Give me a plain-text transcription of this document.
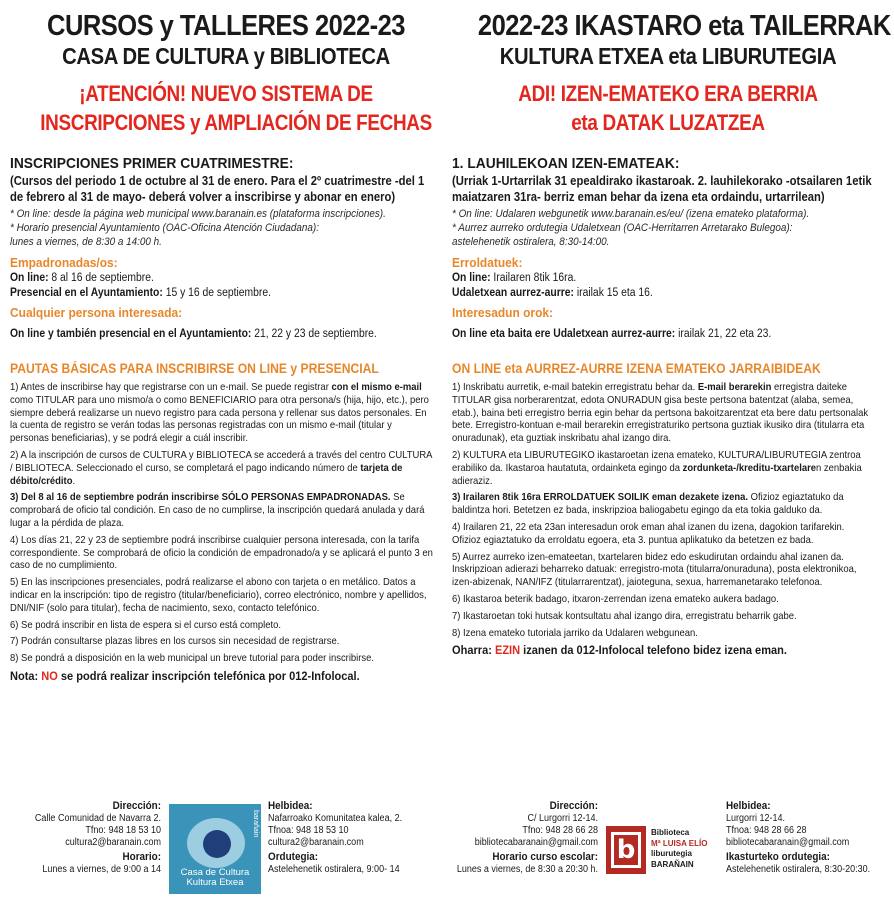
CURSOS y TALLERES 2022-23
CASA DE CULTURA y BIBLIOTECA
¡ATENCIÓN! NUEVO SISTEMA DE
INSCRIPCIONES y AMPLIACIÓN DE FECHAS
INSCRIPCIONES PRIMER CUATRIMESTRE:
(Cursos del periodo 1 de octubre al 31 de enero. Para el 2º cuatrimestre -del 1 de febrero al 31 de mayo- deberá volver a inscribirse y abonar en enero)
* On line: desde la página web municipal www.baranain.es (plataforma inscripciones).
* Horario presencial Ayuntamiento (OAC-Oficina Atención Ciudadana):
lunes a viernes, de 8:30 a 14:00 h.
Empadronadas/os:
On line: 8 al 16 de septiembre.
Presencial en el Ayuntamiento: 15 y 16 de septiembre.
Cualquier persona interesada:
On line y también presencial en el Ayuntamiento: 21, 22 y 23 de septiembre.
PAUTAS BÁSICAS PARA INSCRIBIRSE ON LINE y PRESENCIAL
1) Antes de inscribirse hay que registrarse con un e-mail. Se puede registrar con el mismo e-mail como TITULAR para uno mismo/a o como BENEFICIARIO para otra persona/s (hija, hijo, etc.), pero siempre deberá realizarse un nuevo registro para cada persona y rellenar sus datos personales. En la cuenta de registro se verán todas las personas registradas con un mismo e-mail (titular y personas beneficiarias), y se podrá elegir a cuál inscribir.
2) A la inscripción de cursos de CULTURA y BIBLIOTECA se accederá a través del centro CULTURA / BIBLIOTECA. Seleccionado el curso, se completará el pago indicando número de tarjeta de débito/crédito.
3) Del 8 al 16 de septiembre podrán inscribirse SÓLO PERSONAS EMPADRONADAS. Se comprobará de oficio tal condición. En caso de no cumplirse, la inscripción quedará anulada y dará lugar a la pérdida de plaza.
4) Los días 21, 22 y 23 de septiembre podrá inscribirse cualquier persona interesada, con la tarifa correspondiente. Se comprobará de oficio la condición de empadronado/a y se aplicará el punto 3 en caso de no cumplimiento.
5) En las inscripciones presenciales, podrá realizarse el abono con tarjeta o en metálico. Datos a indicar en la inscripción: tipo de registro (titular/beneficiario), correo electrónico, nombre y apellidos, DNI/NIF (solo para titular), fecha de nacimiento, sexo, contacto telefónico.
6) Se podrá inscribir en lista de espera si el curso está completo.
7) Podrán consultarse plazas libres en los cursos sin necesidad de registrarse.
8) Se pondrá a disposición en la web municipal un breve tutorial para poder inscribirse.
Nota: NO se podrá realizar inscripción telefónica por 012-Infolocal.
2022-23 IKASTARO eta TAILERRAK
KULTURA ETXEA eta LIBURUTEGIA
ADI! IZEN-EMATEKO ERA BERRIA
eta DATAK LUZATZEA
1. LAUHILEKOAN IZEN-EMATEAK:
(Urriak 1-Urtarrilak 31 epealdirako ikastaroak. 2. lauhilekorako -otsailaren 1etik maiatzaren 31ra- berriz eman behar da izena eta ordaindu, urtarrilean)
* On line: Udalaren webgunetik www.baranain.es/eu/ (izena emateko plataforma).
* Aurrez aurreko ordutegia Udaletxean (OAC-Herritarren Arretarako Bulegoa):
astelehenetik ostiralera, 8:30-14:00.
Erroldatuek:
On line: Irailaren 8tik 16ra.
Udaletxean aurrez-aurre: irailak 15 eta 16.
Interesadun orok:
On line eta baita ere Udaletxean aurrez-aurre: irailak 21, 22 eta 23.
ON LINE eta AURREZ-AURRE IZENA EMATEKO JARRAIBIDEAK
1) Inskribatu aurretik, e-mail batekin erregistratu behar da. E-mail berarekin erregistra daiteke TITULAR gisa norberarentzat, edota ONURADUN gisa beste pertsona batentzat (alaba, semea, etab.), baina beti erregistro berria egin behar da pertsona bakoitzarentzat eta bere datu pertsonalak bete. Erregistro-kontuan e-mail berarekin erregistraturiko pertsona guztiak ikusiko dira (titularra eta onuradunak), eta guztiak inskribatu ahal izango dira.
2) KULTURA eta LIBURUTEGIKO ikastaroetan izena emateko, KULTURA/LIBURUTEGIA zentroa erabiliko da. Ikastaroa hautatuta, ordainketa egingo da zordunketa-/kreditu-txartelaren zenbakia adieraziz.
3) Irailaren 8tik 16ra ERROLDATUEK SOILIK eman dezakete izena. Ofizioz egiaztatuko da baldintza hori. Betetzen ez bada, inskripzioa baliogabetu egingo da eta tokia galduko da.
4) Irailaren 21, 22 eta 23an interesadun orok eman ahal izanen du izena, dagokion tarifarekin. Ofizioz egiaztatuko da erroldatu egoera, eta 3. puntua aplikatuko da betetzen ez bada.
5) Aurrez aurreko izen-emateetan, txartelaren bidez edo eskudirutan ordaindu ahal izanen da. Inskripzioan adierazi beharreko datuak: erregistro-mota (titularra/onuraduna), posta elektronikoa, izen-abizenak, NAN/IFZ (titularrarentzat), jaiotegunа, sexua, harremanetarako telefonoa.
6) Ikastaroa beterik badago, itxaron-zerrendan izena emateko aukera badago.
7) Ikastaroetan toki hutsak kontsultatu ahal izango dira, erregistratu beharrik gabe.
8) Izena emateko tutoriala jarriko da Udalaren webgunean.
Oharra: EZIN izanen da 012-Infolocal telefono bidez izena eman.
Dirección:
Calle Comunidad de Navarra 2.
Tfno: 948 18 53 10
cultura2@baranain.com
Horario:
Lunes a viernes, de 9:00 a 14
barañain
Casa de Cultura
Kultura Etxea
Helbidea:
Nafarroako Komunitatea kalea, 2.
Tfnoa: 948 18 53 10
cultura2@baranain.com
Ordutegia:
Astelehenetik ostiralera, 9:00- 14
Dirección:
C/ Lurgorri 12-14.
Tfno: 948 28 66 28
bibliotecabaranain@gmail.com
Horario curso escolar:
Lunes a viernes, de 8:30 a 20:30 h.
b
Biblioteca
Mª LUISA ELÍO
liburutegia
BARAÑAIN
Helbidea:
Lurgorri 12-14.
Tfnoa: 948 28 66 28
bibliotecabaranain@gmail.com
Ikasturteko ordutegia:
Astelehenetik ostiralera, 8:30-20:30.
